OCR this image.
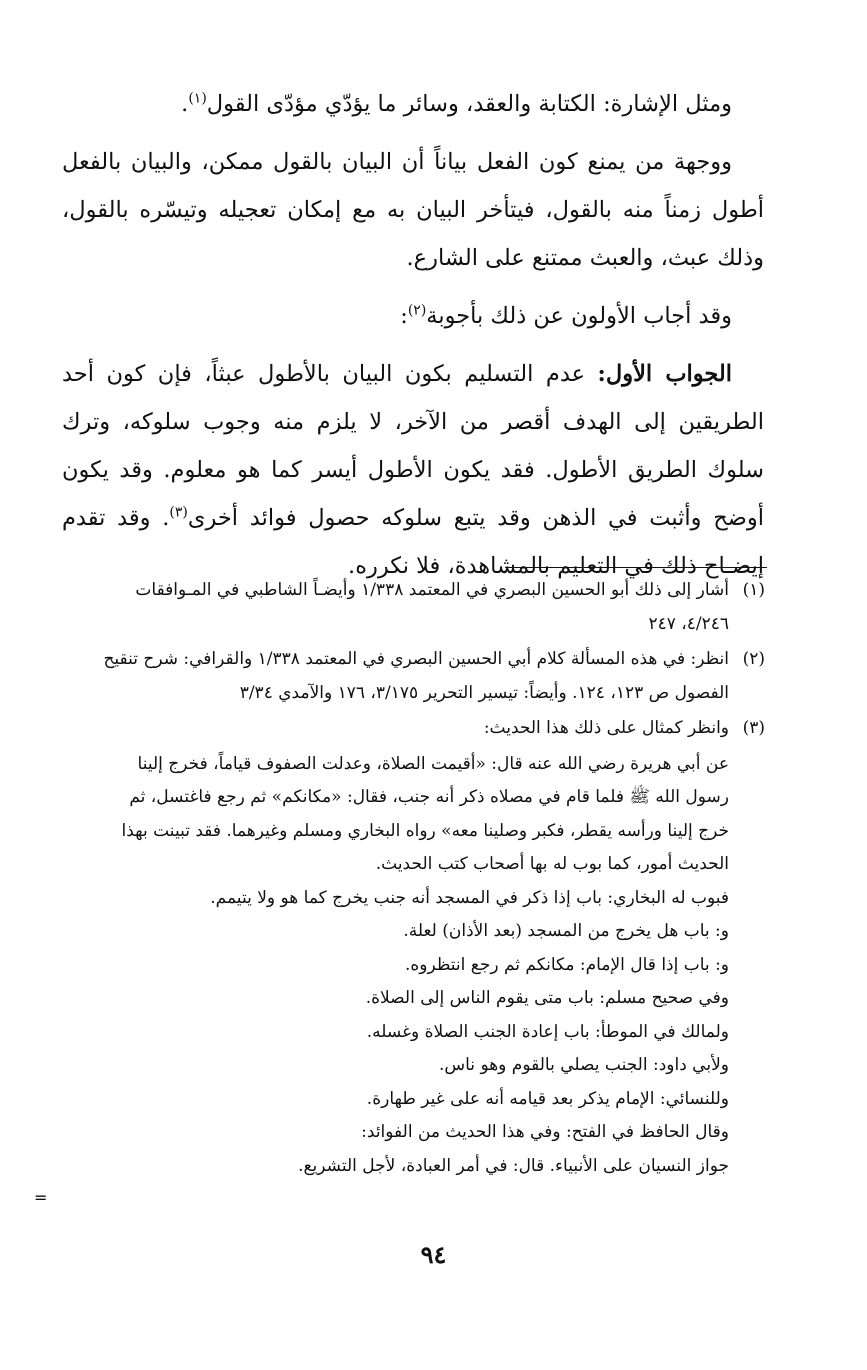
ومثل الإشارة: الكتابة والعقد، وسائر ما يؤدّي مؤدّى القول$^{(١)}$.

ووجهة من يمنع كون الفعل بياناً أن البيان بالقول ممكن، والبيان بالفعل أطول زمناً منه بالقول، فيتأخر البيان به مع إمكان تعجيله وتيسّره بالقول، وذلك عبث، والعبث ممتنع على الشارع.

وقد أجاب الأولون عن ذلك بأجوبة$^{(٢)}$:

الجواب الأول: عدم التسليم بكون البيان بالأطول عبثاً، فإن كون أحد الطريقين إلى الهدف أقصر من الآخر، لا يلزم منه وجوب سلوكه، وترك سلوك الطريق الأطول. فقد يكون الأطول أيسر كما هو معلوم. وقد يكون أوضح وأثبت في الذهن وقد يتبع سلوكه حصول فوائد أخرى$^{(٣)}$. وقد تقدم إيضـاح ذلك في التعليم بالمشاهدة، فلا نكرره.

(١)

أشار إلى ذلك أبو الحسين البصري في المعتمد ١/٣٣٨ وأيضـاً الشاطبي في المـوافقات

٤/٢٤٦، ٢٤٧

(٢)

انظر: في هذه المسألة كلام أبي الحسين البصري في المعتمد ١/٣٣٨ والقرافي: شرح تنقيح

الفصول ص ١٢٣، ١٢٤. وأيضاً: تيسير التحرير ٣/١٧٥، ١٧٦ والآمدي ٣/٣٤

(٣)

وانظر كمثال على ذلك هذا الحديث:

عن أبي هريرة رضي الله عنه قال: «أقيمت الصلاة، وعدلت الصفوف قياماً، فخرج إلينا

رسول الله ﷺ فلما قام في مصلاه ذكر أنه جنب، فقال: «مكانكم» ثم رجع فاغتسل، ثم

خرج إلينا ورأسه يقطر، فكبر وصلينا معه» رواه البخاري ومسلم وغيرهما. فقد تبينت بهذا

الحديث أمور، كما بوب له بها أصحاب كتب الحديث.

فبوب له البخاري: باب إذا ذكر في المسجد أنه جنب يخرج كما هو ولا يتيمم.

و: باب هل يخرج من المسجد (بعد الأذان) لعلة.

و: باب إذا قال الإمام: مكانكم ثم رجع انتظروه.

وفي صحيح مسلم: باب متى يقوم الناس إلى الصلاة.

ولمالك في الموطأ: باب إعادة الجنب الصلاة وغسله.

ولأبي داود: الجنب يصلي بالقوم وهو ناس.

وللنسائي: الإمام يذكر بعد قيامه أنه على غير طهارة.

وقال الحافظ في الفتح: وفي هذا الحديث من الفوائد:

جواز النسيان على الأنبياء. قال: في أمر العبادة، لأجل التشريع.

=
٩٤
